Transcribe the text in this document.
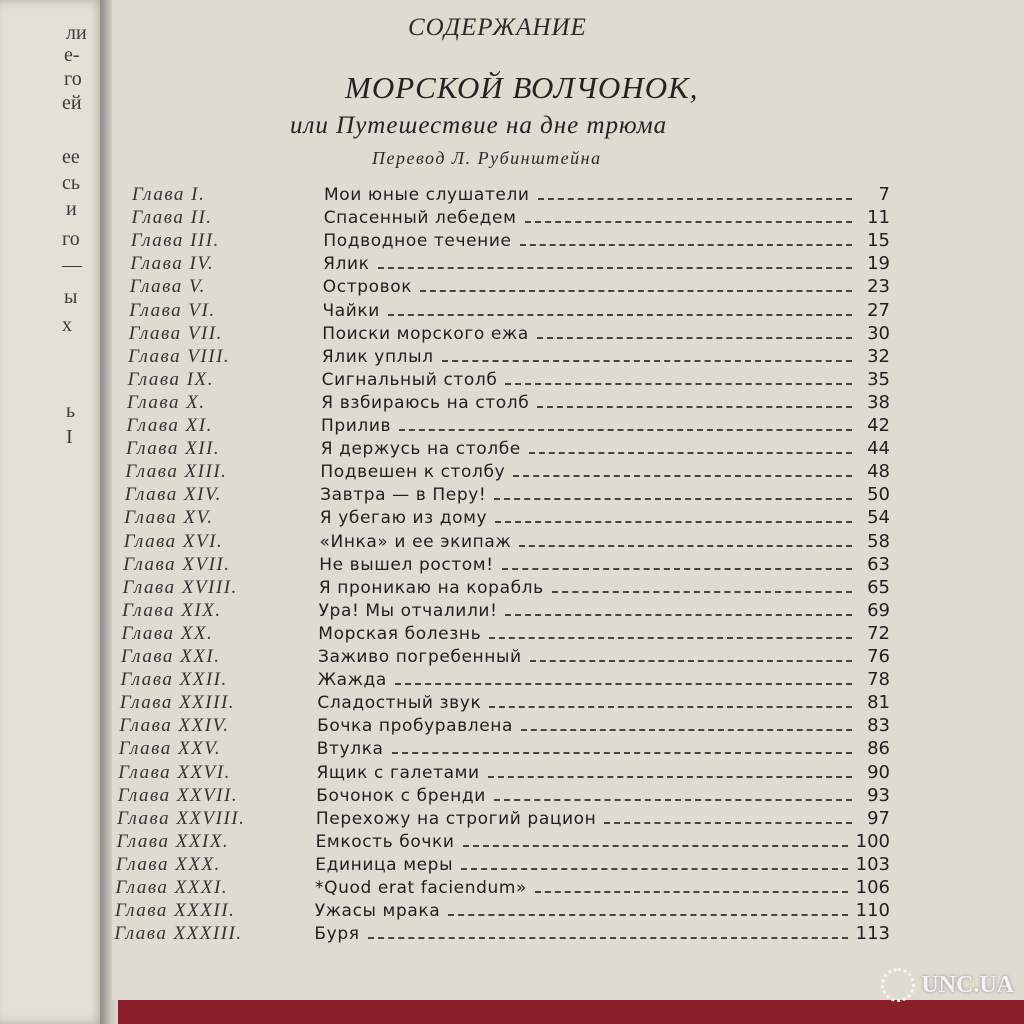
ли
е-
го
ей
ее
сь
и
го
—
ы
х
ь
I
СОДЕРЖАНИЕ
МОРСКОЙ ВОЛЧОНОК,
или Путешествие на дне трюма
Перевод Л. Рубинштейна
Глава I.	Мои юные слушатели	7
Глава II.	Спасенный лебедем	11
Глава III.	Подводное течение	15
Глава IV.	Ялик	19
Глава V.	Островок	23
Глава VI.	Чайки	27
Глава VII.	Поиски морского ежа	30
Глава VIII.	Ялик уплыл	32
Глава IX.	Сигнальный столб	35
Глава X.	Я взбираюсь на столб	38
Глава XI.	Прилив	42
Глава XII.	Я держусь на столбе	44
Глава XIII.	Подвешен к столбу	48
Глава XIV.	Завтра — в Перу!	50
Глава XV.	Я убегаю из дому	54
Глава XVI.	«Инка» и ее экипаж	58
Глава XVII.	Не вышел ростом!	63
Глава XVIII.	Я проникаю на корабль	65
Глава XIX.	Ура! Мы отчалили!	69
Глава XX.	Морская болезнь	72
Глава XXI.	Заживо погребенный	76
Глава XXII.	Жажда	78
Глава XXIII.	Сладостный звук	81
Глава XXIV.	Бочка пробуравлена	83
Глава XXV.	Втулка	86
Глава XXVI.	Ящик с галетами	90
Глава XXVII.	Бочонок с бренди	93
Глава XXVIII.	Перехожу на строгий рацион	97
Глава XXIX.	Емкость бочки	100
Глава XXX.	Единица меры	103
Глава XXXI.	*Quod erat faciendum»	106
Глава XXXII.	Ужасы мрака	110
Глава XXXIII.	Буря	113
UNC.UA
